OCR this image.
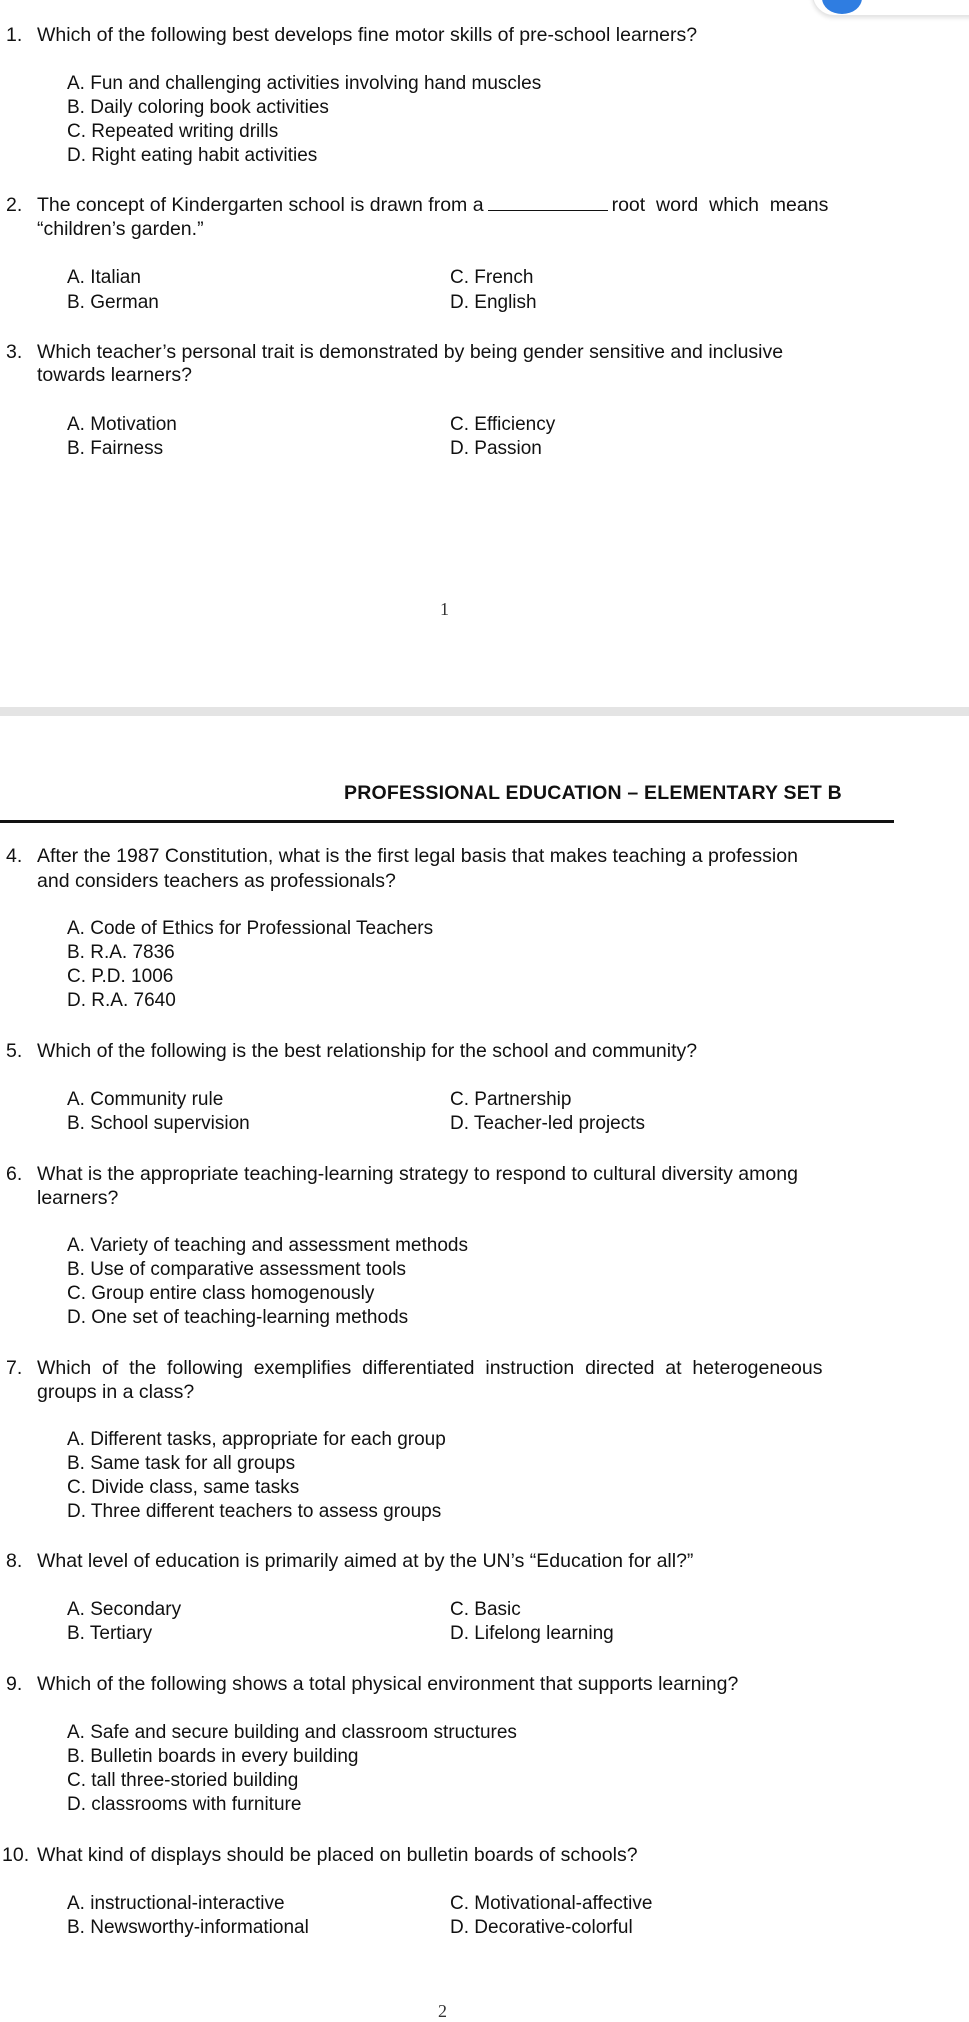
1. Which of the following best develops fine motor skills of pre-school learners?
A. Fun and challenging activities involving hand muscles
B. Daily coloring book activities
C. Repeated writing drills
D. Right eating habit activities
2. The concept of Kindergarten school is drawn from a	root  word  which  means
“children’s garden.”
A. Italian	C. French
B. German	D. English
3. Which teacher’s personal trait is demonstrated by being gender sensitive and inclusive
towards learners?
A. Motivation	C. Efficiency
B. Fairness	D. Passion
1
PROFESSIONAL EDUCATION – ELEMENTARY SET B
4. After the 1987 Constitution, what is the first legal basis that makes teaching a profession
and considers teachers as professionals?
A. Code of Ethics for Professional Teachers
B. R.A. 7836
C. P.D. 1006
D. R.A. 7640
5. Which of the following is the best relationship for the school and community?
A. Community rule	C. Partnership
B. School supervision	D. Teacher-led projects
6. What is the appropriate teaching-learning strategy to respond to cultural diversity among
learners?
A. Variety of teaching and assessment methods
B. Use of comparative assessment tools
C. Group entire class homogenously
D. One set of teaching-learning methods
7. Which  of  the  following  exemplifies  differentiated  instruction  directed  at  heterogeneous
groups in a class?
A. Different tasks, appropriate for each group
B. Same task for all groups
C. Divide class, same tasks
D. Three different teachers to assess groups
8. What level of education is primarily aimed at by the UN’s “Education for all?”
A. Secondary	C. Basic
B. Tertiary	D. Lifelong learning
9. Which of the following shows a total physical environment that supports learning?
A. Safe and secure building and classroom structures
B. Bulletin boards in every building
C. tall three-storied building
D. classrooms with furniture
10. What kind of displays should be placed on bulletin boards of schools?
A. instructional-interactive	C. Motivational-affective
B. Newsworthy-informational	D. Decorative-colorful
2
